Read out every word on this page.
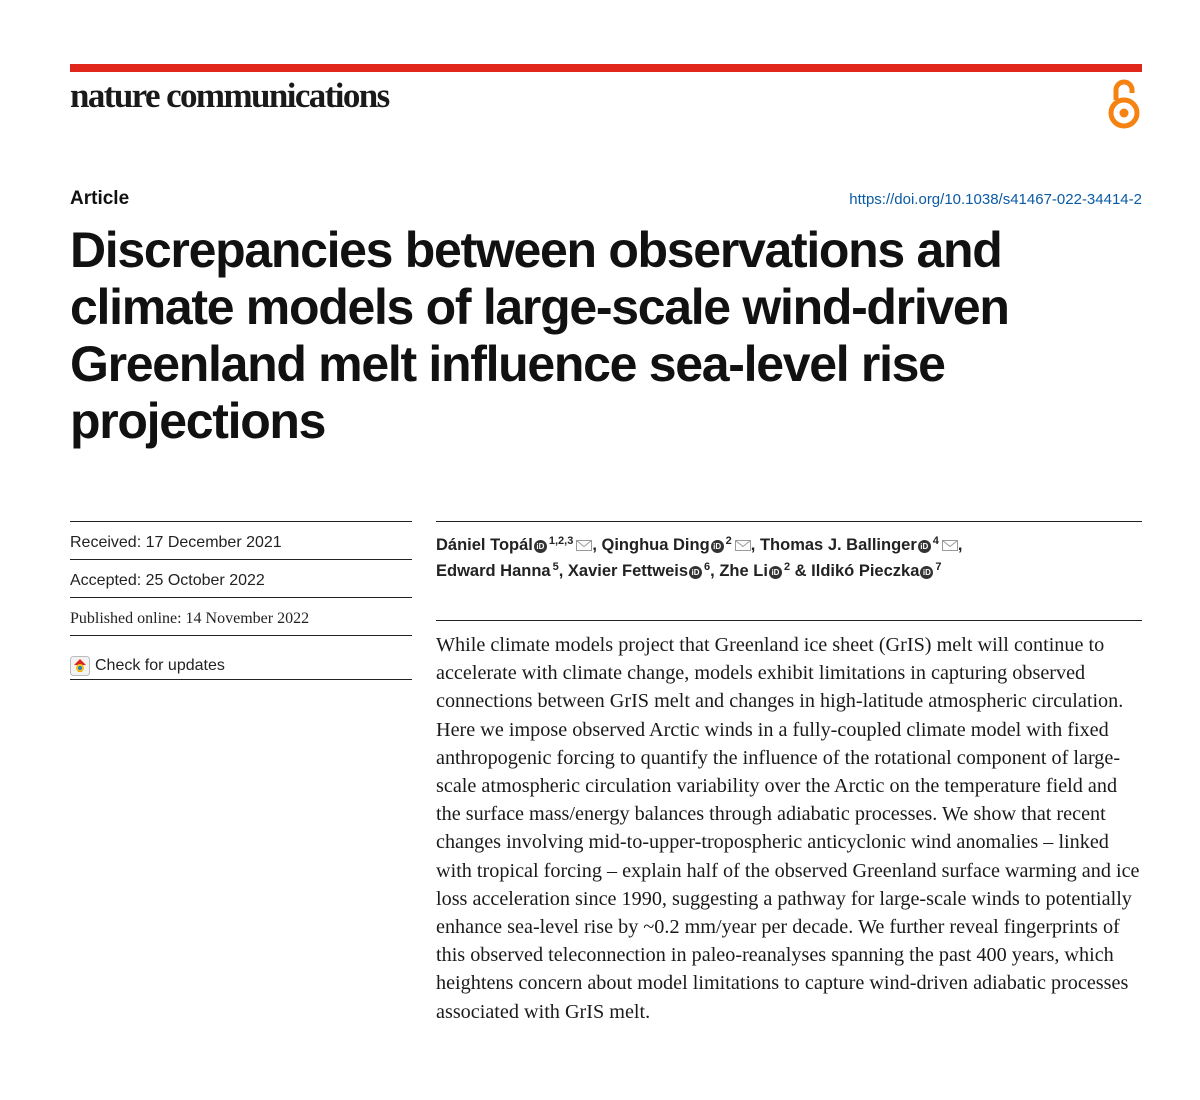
nature communications
Article	https://doi.org/10.1038/s41467-022-34414-2
Discrepancies between observations and climate models of large-scale wind-driven Greenland melt influence sea-level rise projections
Received: 17 December 2021
Accepted: 25 October 2022
Published online: 14 November 2022
Check for updates
Dániel Topál iD $^{1,2,3}$ , Qinghua Ding iD $^2$ , Thomas J. Ballinger iD $^4$ ,
Edward Hanna $^5$, Xavier Fettweis iD $^6$, Zhe Li iD $^2$ & Ildikó Pieczka iD $^7$

While climate models project that Greenland ice sheet (GrIS) melt will continue to accelerate with climate change, models exhibit limitations in capturing observed connections between GrIS melt and changes in high-latitude atmospheric circulation. Here we impose observed Arctic winds in a fully-coupled climate model with fixed anthropogenic forcing to quantify the influence of the rotational component of large-scale atmospheric circulation variability over the Arctic on the temperature field and the surface mass/energy balances through adiabatic processes. We show that recent changes involving mid-to-upper-tropospheric anticyclonic wind anomalies – linked with tropical forcing – explain half of the observed Greenland surface warming and ice loss acceleration since 1990, suggesting a pathway for large-scale winds to potentially enhance sea-level rise by ~0.2 mm/year per decade. We further reveal fingerprints of this observed teleconnection in paleo-reanalyses spanning the past 400 years, which heightens concern about model limitations to capture wind-driven adiabatic processes associated with GrIS melt.
